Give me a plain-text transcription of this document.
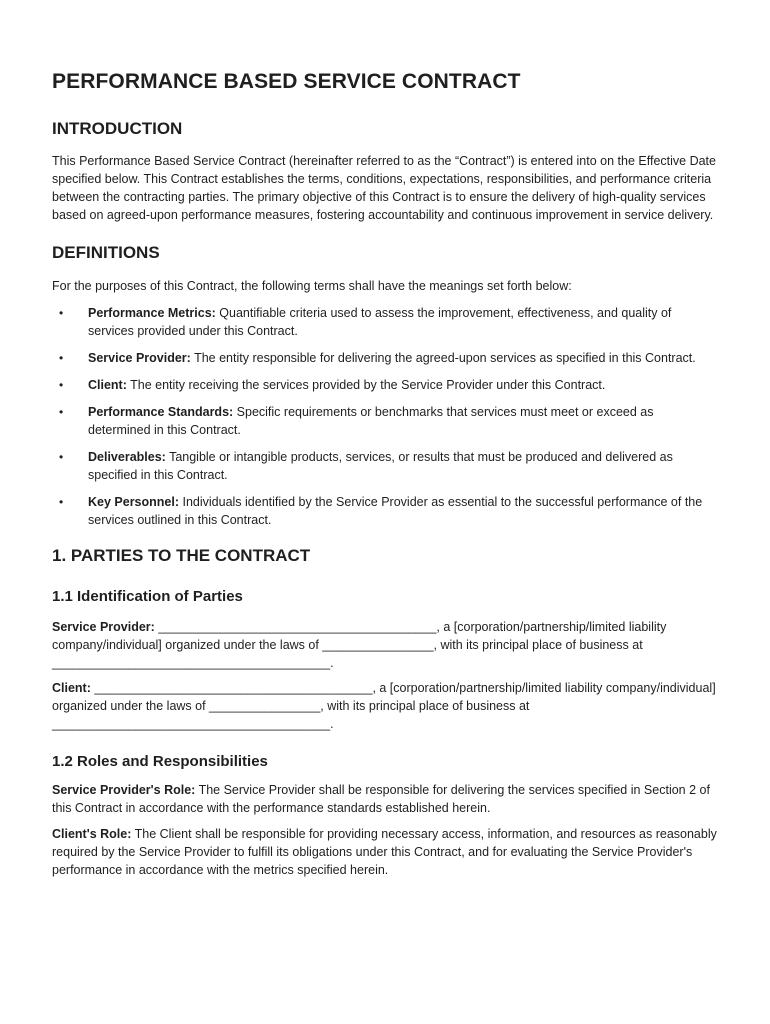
PERFORMANCE BASED SERVICE CONTRACT
INTRODUCTION

This Performance Based Service Contract (hereinafter referred to as the “Contract”) is entered into on the Effective Date specified below. This Contract establishes the terms, conditions, expectations, responsibilities, and performance criteria between the contracting parties. The primary objective of this Contract is to ensure the delivery of high-quality services based on agreed-upon performance measures, fostering accountability and continuous improvement in service delivery.

DEFINITIONS

For the purposes of this Contract, the following terms shall have the meanings set forth below:

• Performance Metrics: Quantifiable criteria used to assess the improvement, effectiveness, and quality of services provided under this Contract.
• Service Provider: The entity responsible for delivering the agreed-upon services as specified in this Contract.
• Client: The entity receiving the services provided by the Service Provider under this Contract.
• Performance Standards: Specific requirements or benchmarks that services must meet or exceed as determined in this Contract.
• Deliverables: Tangible or intangible products, services, or results that must be produced and delivered as specified in this Contract.
• Key Personnel: Individuals identified by the Service Provider as essential to the successful performance of the services outlined in this Contract.
1. PARTIES TO THE CONTRACT
1.1 Identification of Parties

Service Provider: ________________________________________, a [corporation/partnership/limited liability company/individual] organized under the laws of ________________, with its principal place of business at ________________________________________.

Client: ________________________________________, a [corporation/partnership/limited liability company/individual] organized under the laws of ________________, with its principal place of business at ________________________________________.

1.2 Roles and Responsibilities

Service Provider's Role: The Service Provider shall be responsible for delivering the services specified in Section 2 of this Contract in accordance with the performance standards established herein.

Client's Role: The Client shall be responsible for providing necessary access, information, and resources as reasonably required by the Service Provider to fulfill its obligations under this Contract, and for evaluating the Service Provider's performance in accordance with the metrics specified herein.
